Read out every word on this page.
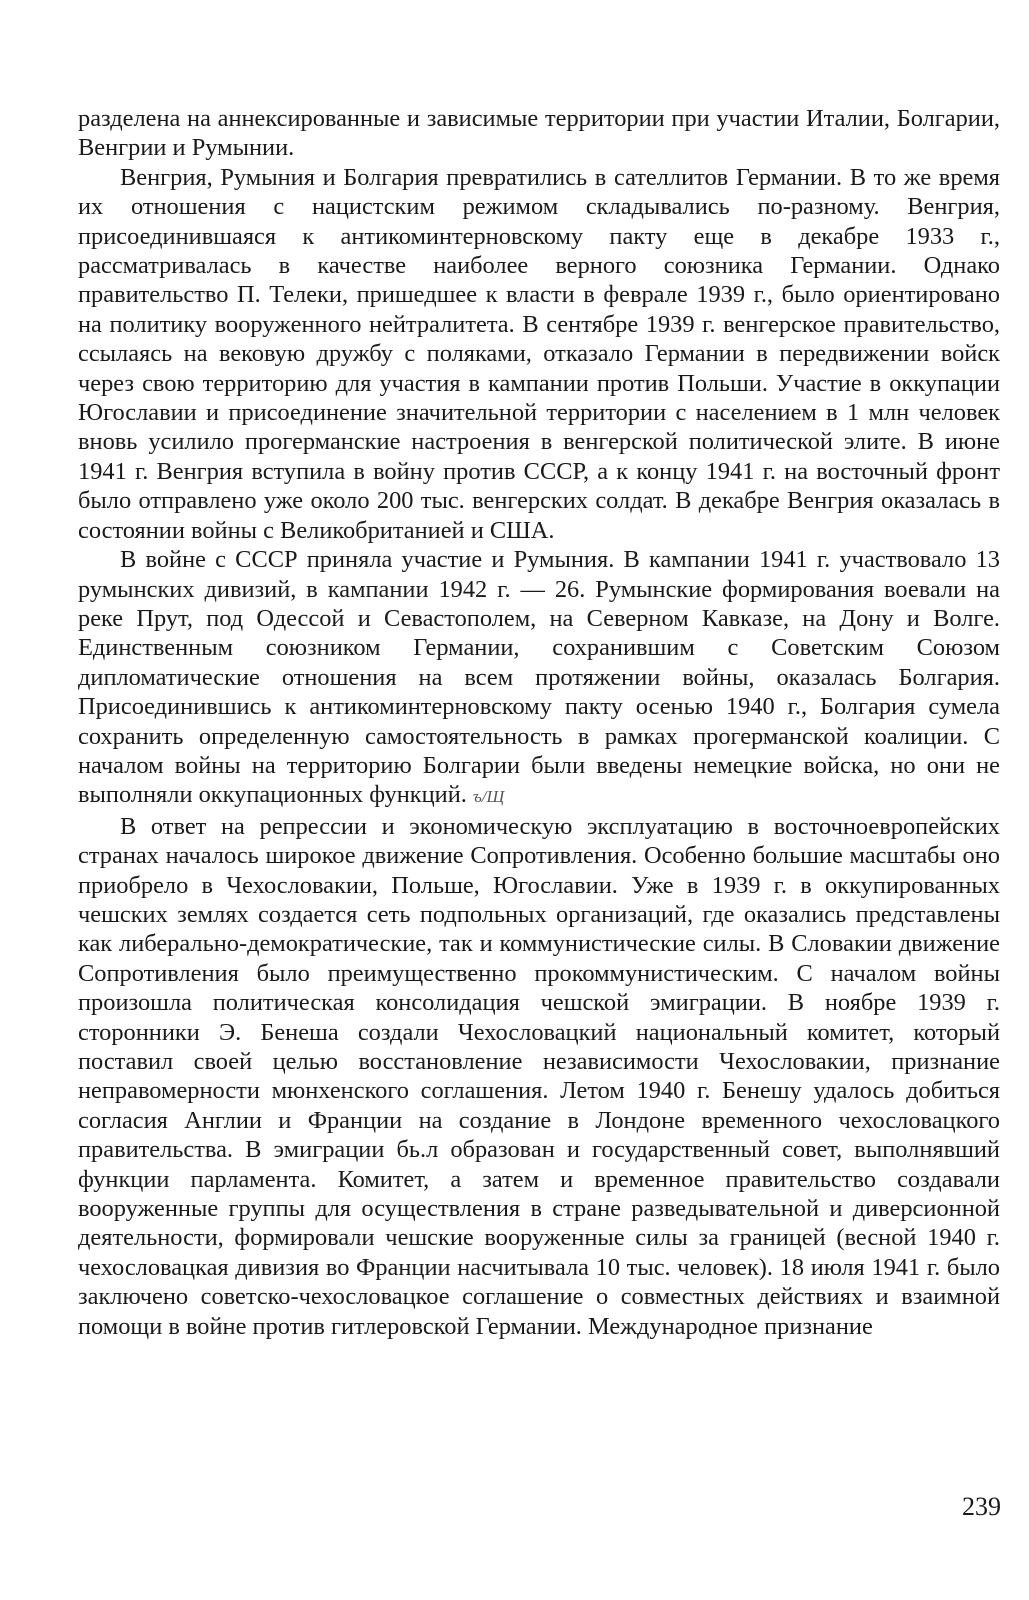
разделена на аннексированные и зависимые территории при участии Италии, Болгарии, Венгрии и Румынии.

Венгрия, Румыния и Болгария превратились в сателлитов Германии. В то же время их отношения с нацистским режимом складывались по-разному. Венгрия, присоединившаяся к антикоминтерновскому пакту еще в декабре 1933 г., рассматривалась в качестве наиболее верного союзника Германии. Однако правительство П. Телеки, пришедшее к власти в феврале 1939 г., было ориентировано на политику вооруженного нейтралитета. В сентябре 1939 г. венгерское правительство, ссылаясь на вековую дружбу с поляками, отказало Германии в передвижении войск через свою территорию для участия в кампании против Польши. Участие в оккупации Югославии и присоединение значительной территории с населением в 1 млн человек вновь усилило прогерманские настроения в венгерской политической элите. В июне 1941 г. Венгрия вступила в войну против СССР, а к концу 1941 г. на восточный фронт было отправлено уже около 200 тыс. венгерских солдат. В декабре Венгрия оказалась в состоянии войны с Великобританией и США.

В войне с СССР приняла участие и Румыния. В кампании 1941 г. участвовало 13 румынских дивизий, в кампании 1942 г. — 26. Румынские формирования воевали на реке Прут, под Одессой и Севастополем, на Северном Кавказе, на Дону и Волге. Единственным союзником Германии, сохранившим с Советским Союзом дипломатические отношения на всем протяжении войны, оказалась Болгария. Присоединившись к антикоминтерновскому пакту осенью 1940 г., Болгария сумела сохранить определенную самостоятельность в рамках прогерманской коалиции. С началом войны на территорию Болгарии были введены немецкие войска, но они не выполняли оккупационных функций. ъ/Щ

В ответ на репрессии и экономическую эксплуатацию в восточноевропейских странах началось широкое движение Сопротивления. Особенно большие масштабы оно приобрело в Чехословакии, Польше, Югославии. Уже в 1939 г. в оккупированных чешских землях создается сеть подпольных организаций, где оказались представлены как либерально-демократические, так и коммунистические силы. В Словакии движение Сопротивления было преимущественно прокоммунистическим. С началом войны произошла политическая консолидация чешской эмиграции. В ноябре 1939 г. сторонники Э. Бенеша создали Чехословацкий национальный комитет, который поставил своей целью восстановление независимости Чехословакии, признание неправомерности мюнхенского соглашения. Летом 1940 г. Бенешу удалось добиться согласия Англии и Франции на создание в Лондоне временного чехословацкого правительства. В эмиграции бь.л образован и государственный совет, выполнявший функции парламента. Комитет, а затем и временное правительство создавали вооруженные группы для осуществления в стране разведывательной и диверсионной деятельности, формировали чешские вооруженные силы за границей (весной 1940 г. чехословацкая дивизия во Франции насчитывала 10 тыс. человек). 18 июля 1941 г. было заключено советско-чехословацкое соглашение о совместных действиях и взаимной помощи в войне против гитлеровской Германии. Международное признание

239
